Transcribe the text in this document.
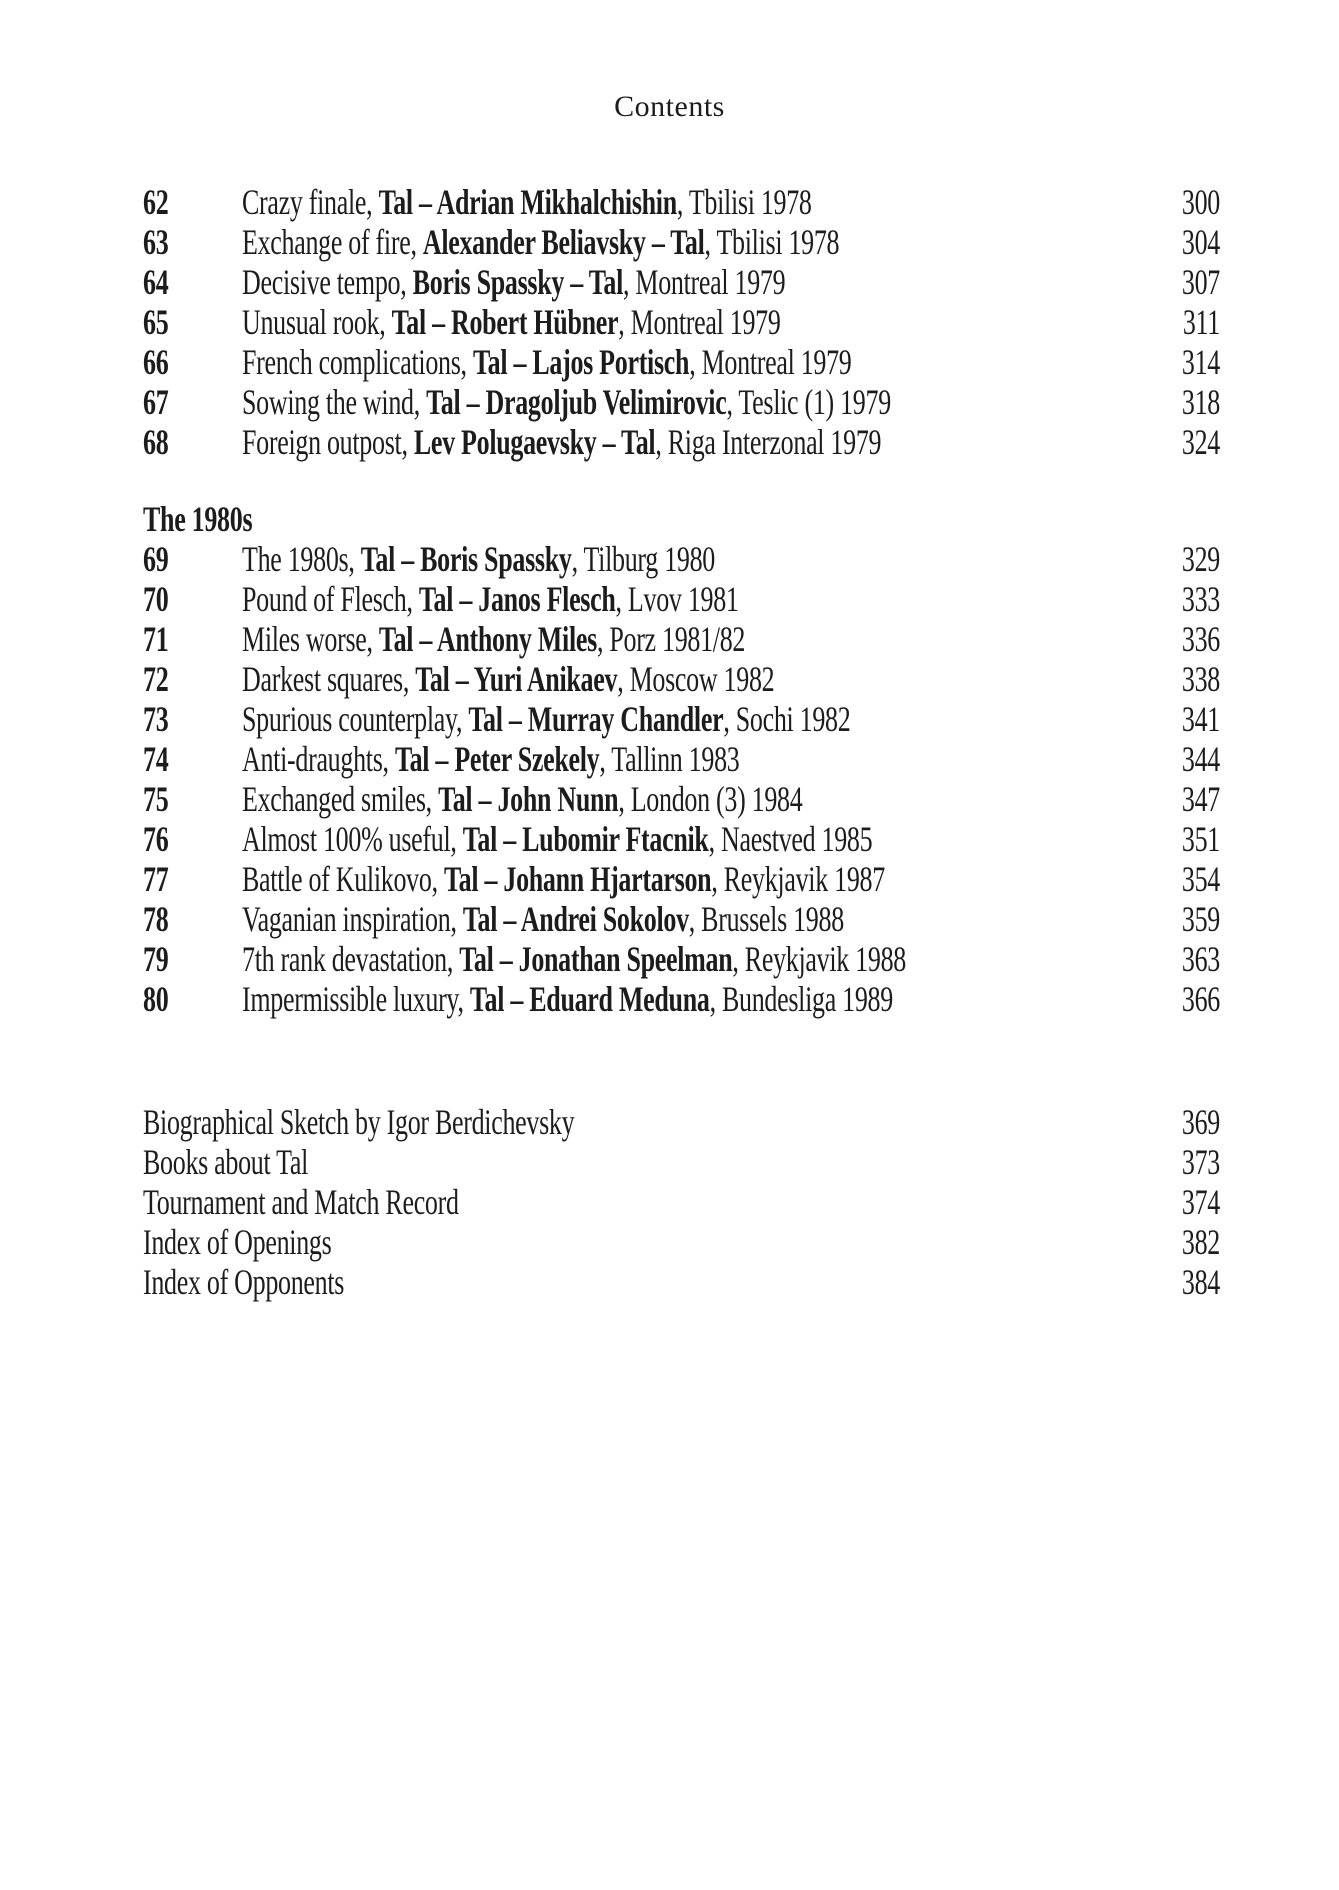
Contents
62	Crazy finale, Tal – Adrian Mikhalchishin, Tbilisi 1978	300
63	Exchange of fire, Alexander Beliavsky – Tal, Tbilisi 1978	304
64	Decisive tempo, Boris Spassky – Tal, Montreal 1979	307
65	Unusual rook, Tal – Robert Hübner, Montreal 1979	311
66	French complications, Tal – Lajos Portisch, Montreal 1979	314
67	Sowing the wind, Tal – Dragoljub Velimirovic, Teslic (1) 1979	318
68	Foreign outpost, Lev Polugaevsky – Tal, Riga Interzonal 1979	324
The 1980s
69	The 1980s, Tal – Boris Spassky, Tilburg 1980	329
70	Pound of Flesch, Tal – Janos Flesch, Lvov 1981	333
71	Miles worse, Tal – Anthony Miles, Porz 1981/82	336
72	Darkest squares, Tal – Yuri Anikaev, Moscow 1982	338
73	Spurious counterplay, Tal – Murray Chandler, Sochi 1982	341
74	Anti-draughts, Tal – Peter Szekely, Tallinn 1983	344
75	Exchanged smiles, Tal – John Nunn, London (3) 1984	347
76	Almost 100% useful, Tal – Lubomir Ftacnik, Naestved 1985	351
77	Battle of Kulikovo, Tal – Johann Hjartarson, Reykjavik 1987	354
78	Vaganian inspiration, Tal – Andrei Sokolov, Brussels 1988	359
79	7th rank devastation, Tal – Jonathan Speelman, Reykjavik 1988	363
80	Impermissible luxury, Tal – Eduard Meduna, Bundesliga 1989	366
Biographical Sketch by Igor Berdichevsky	369
Books about Tal	373
Tournament and Match Record	374
Index of Openings	382
Index of Opponents	384
